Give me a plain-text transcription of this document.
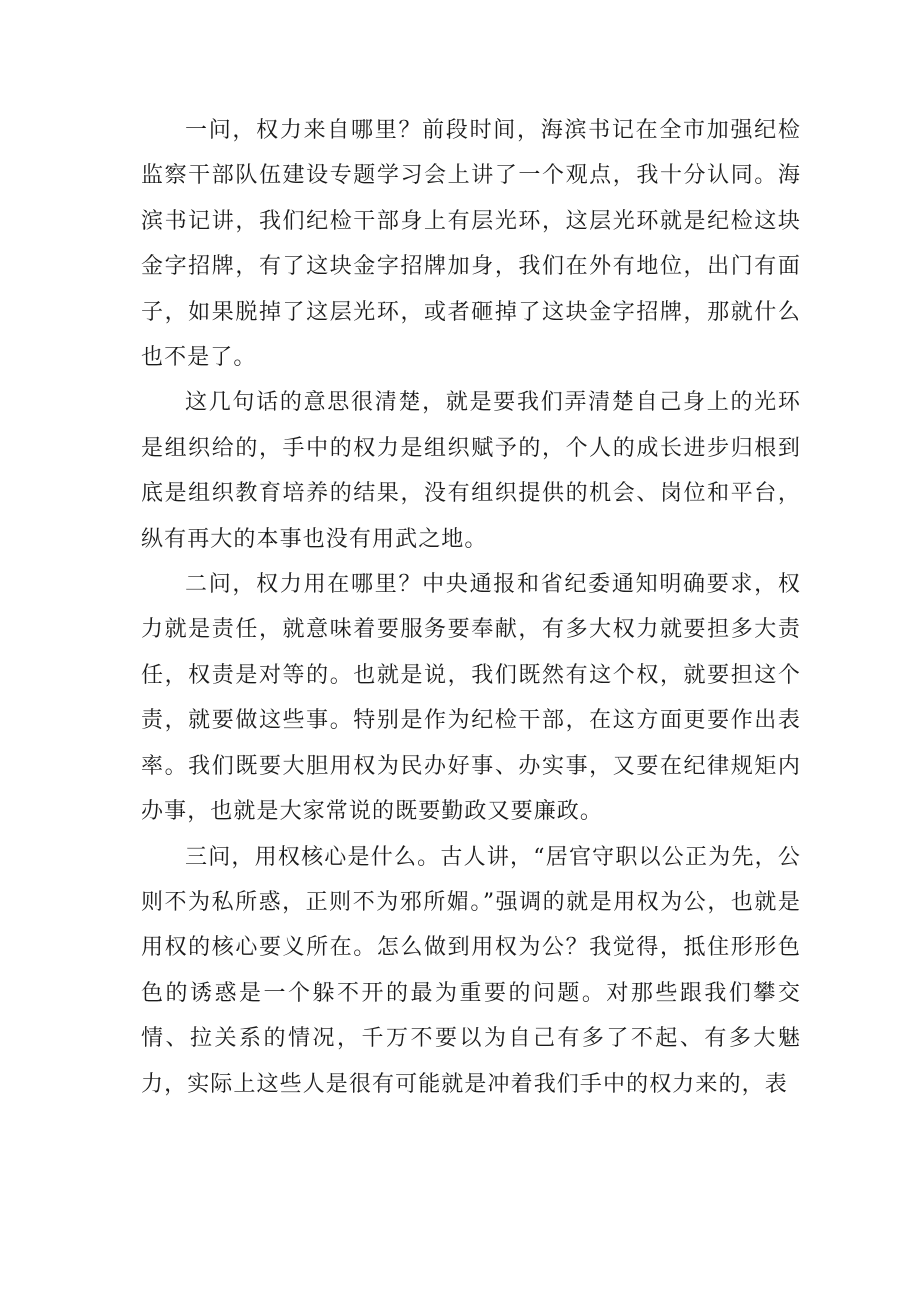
一问，权力来自哪里？前段时间，海滨书记在全市加强纪检监察干部队伍建设专题学习会上讲了一个观点，我十分认同。海滨书记讲，我们纪检干部身上有层光环，这层光环就是纪检这块金字招牌，有了这块金字招牌加身，我们在外有地位，出门有面子，如果脱掉了这层光环，或者砸掉了这块金字招牌，那就什么也不是了。

这几句话的意思很清楚，就是要我们弄清楚自己身上的光环是组织给的，手中的权力是组织赋予的，个人的成长进步归根到底是组织教育培养的结果，没有组织提供的机会、岗位和平台，纵有再大的本事也没有用武之地。

二问，权力用在哪里？中央通报和省纪委通知明确要求，权力就是责任，就意味着要服务要奉献，有多大权力就要担多大责任，权责是对等的。也就是说，我们既然有这个权，就要担这个责，就要做这些事。特别是作为纪检干部，在这方面更要作出表率。我们既要大胆用权为民办好事、办实事，又要在纪律规矩内办事，也就是大家常说的既要勤政又要廉政。

三问，用权核心是什么。古人讲，“居官守职以公正为先，公则不为私所惑，正则不为邪所媚。”强调的就是用权为公，也就是用权的核心要义所在。怎么做到用权为公？我觉得，抵住形形色色的诱惑是一个躲不开的最为重要的问题。对那些跟我们攀交情、拉关系的情况，千万不要以为自己有多了不起、有多大魅力，实际上这些人是很有可能就是冲着我们手中的权力来的，表
